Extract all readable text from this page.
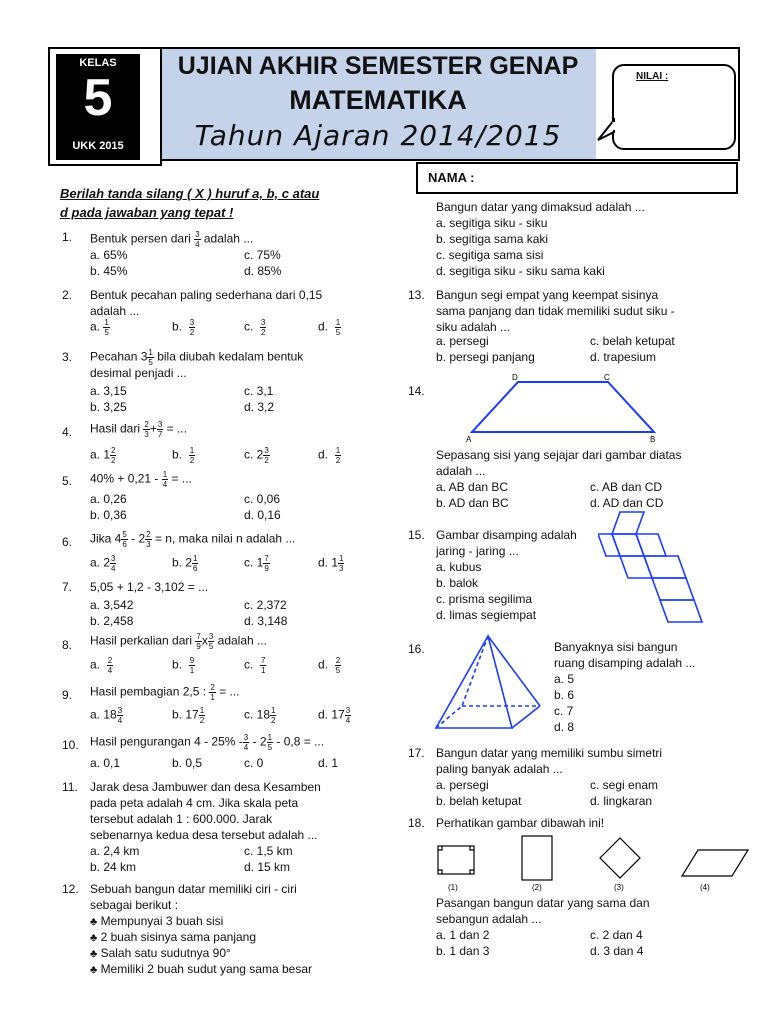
KELAS
5
UKK 2015
UJIAN AKHIR SEMESTER GENAP
MATEMATIKA
Tahun Ajaran 2014/2015
NILAI :
NAMA :
Berilah tanda silang ( X ) huruf a, b, c atau
d pada jawaban yang tepat !
1. Bentuk persen dari $\frac{3}{4}$ adalah ...
a. 65%	c. 75%
b. 45%	d. 85%
2. Bentuk pecahan paling sederhana dari 0,15
adalah ...
a. $\frac{1}{5}$	b. $\frac{3}{2}$	c. $\frac{3}{2}$	d. $\frac{1}{5}$
3. Pecahan $3 \frac{1}{5}$ bila diubah kedalam bentuk
desimal penjadi ...
a. 3,15	c. 3,1
b. 3,25	d. 3,2
4. Hasil dari $\frac{2}{3} + \frac{3}{7}$ = ...
a. $1 \frac{2}{2}$	b. $\frac{1}{2}$	c. $2 \frac{3}{2}$	d. $\frac{1}{2}$
5. $40\% + 0,21 - \frac{1}{4}$ = ...
a. 0,26	c. 0,06
b. 0,36	d. 0,16
6. Jika $4 \frac{5}{6} - 2 \frac{2}{3} = n$, maka nilai n adalah ...
a. $2 \frac{3}{4}$	b. $2 \frac{1}{6}$	c. $1 \frac{7}{9}$	d. $1 \frac{1}{3}$
7. 5,05 + 1,2 - 3,102 = ...
a. 3,542	c. 2,372
b. 2,458	d. 3,148
8. Hasil perkalian dari $\frac{7}{9}$ x $\frac{3}{5}$ adalah ...
a. $\frac{2}{4}$	b. $\frac{9}{1}$	c. $\frac{7}{1}$	d. $\frac{2}{5}$
9. Hasil pembagian 2,5 : $\frac{2}{1}$ = ...
a. $18 \frac{3}{4}$	b. $17 \frac{1}{2}$	c. $18 \frac{1}{2}$	d. $17 \frac{3}{4}$
10. Hasil pengurangan $4 - 25\% - \frac{3}{4} - 2 \frac{1}{5} - 0,8$ = ...
a. 0,1	b. 0,5	c. 0	d. 1
11. Jarak desa Jambuwer dan desa Kesamben
pada peta adalah 4 cm. Jika skala peta
tersebut adalah 1 : 600.000. Jarak
sebenarnya kedua desa tersebut adalah ...
a. 2,4 km	c. 1,5 km
b. 24 km	d. 15 km
12. Sebuah bangun datar memiliki ciri - ciri
sebagai berikut :
♣ Mempunyai 3 buah sisi
♣ 2 buah sisinya sama panjang
♣ Salah satu sudutnya 90°
♣ Memiliki 2 buah sudut yang sama besar
Bangun datar yang dimaksud adalah ...
a. segitiga siku - siku
b. segitiga sama kaki
c. segitiga sama sisi
d. segitiga siku - siku sama kaki
13. Bangun segi empat yang keempat sisinya
sama panjang dan tidak memiliki sudut siku -
siku adalah ...
a. persegi	c. belah ketupat
b. persegi panjang	d. trapesium
14.
D	C
A	B
Sepasang sisi yang sejajar dari gambar diatas
adalah ...
a. AB dan BC	c. AB dan CD
b. AD dan BC	d. AD dan CD
15. Gambar disamping adalah
jaring - jaring ...
a. kubus
b. balok
c. prisma segilima
d. limas segiempat
16.	Banyaknya sisi bangun
ruang disamping adalah ...
a. 5
b. 6
c. 7
d. 8
17. Bangun datar yang memiliki sumbu simetri
paling banyak adalah ...
a. persegi	c. segi enam
b. belah ketupat	d. lingkaran
18. Perhatikan gambar dibawah ini!
(1)	(2)	(3)	(4)
Pasangan bangun datar yang sama dan
sebangun adalah ...
a. 1 dan 2	c. 2 dan 4
b. 1 dan 3	d. 3 dan 4
